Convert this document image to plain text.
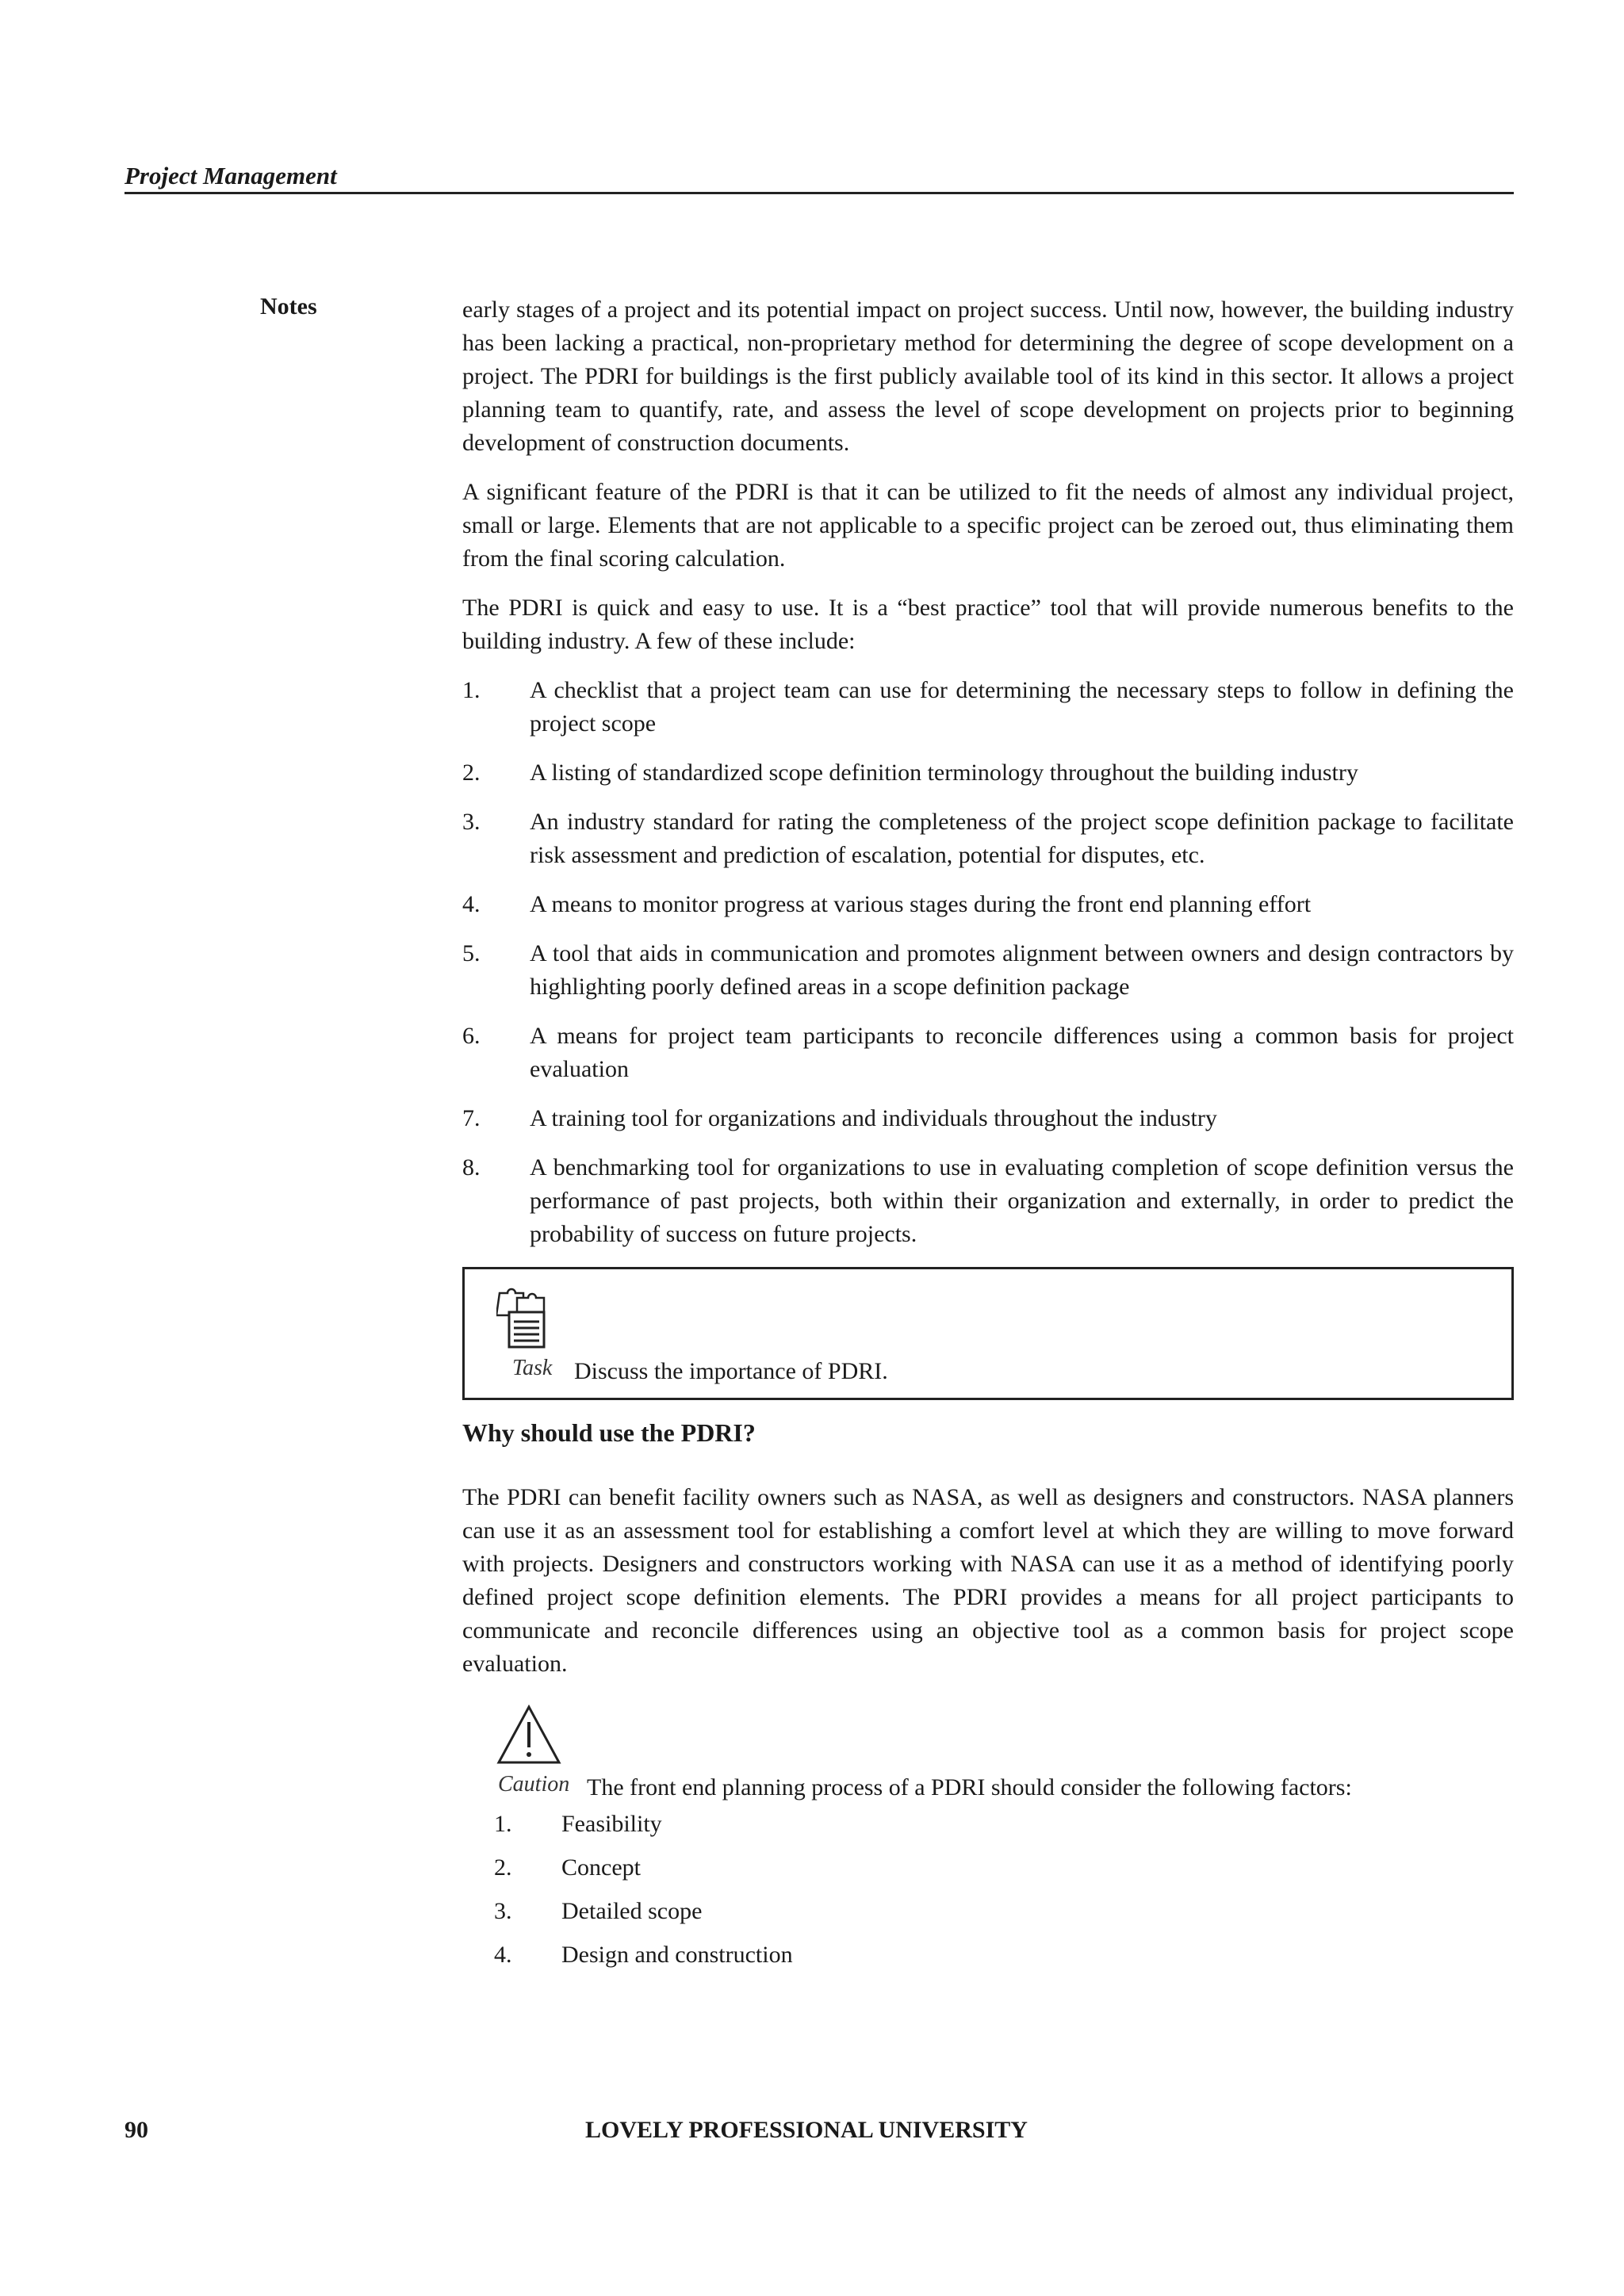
Project Management
Notes	early stages of a project and its potential impact on project success. Until now, however, the building industry has been lacking a practical, non-proprietary method for determining the degree of scope development on a project. The PDRI for buildings is the first publicly available tool of its kind in this sector. It allows a project planning team to quantify, rate, and assess the level of scope development on projects prior to beginning development of construction documents.

A significant feature of the PDRI is that it can be utilized to fit the needs of almost any individual project, small or large. Elements that are not applicable to a specific project can be zeroed out, thus eliminating them from the final scoring calculation.

The PDRI is quick and easy to use. It is a “best practice” tool that will provide numerous benefits to the building industry. A few of these include:

1. A checklist that a project team can use for determining the necessary steps to follow in defining the project scope
2. A listing of standardized scope definition terminology throughout the building industry
3. An industry standard for rating the completeness of the project scope definition package to facilitate risk assessment and prediction of escalation, potential for disputes, etc.
4. A means to monitor progress at various stages during the front end planning effort
5. A tool that aids in communication and promotes alignment between owners and design contractors by highlighting poorly defined areas in a scope definition package
6. A means for project team participants to reconcile differences using a common basis for project evaluation
7. A training tool for organizations and individuals throughout the industry
8. A benchmarking tool for organizations to use in evaluating completion of scope definition versus the performance of past projects, both within their organization and externally, in order to predict the probability of success on future projects.
Task Discuss the importance of PDRI.
Why should use the PDRI?

The PDRI can benefit facility owners such as NASA, as well as designers and constructors. NASA planners can use it as an assessment tool for establishing a comfort level at which they are willing to move forward with projects. Designers and constructors working with NASA can use it as a method of identifying poorly defined project scope definition elements. The PDRI provides a means for all project participants to communicate and reconcile differences using an objective tool as a common basis for project scope evaluation.

Caution The front end planning process of a PDRI should consider the following factors:
1. Feasibility
2. Concept
3. Detailed scope
4. Design and construction
90	LOVELY PROFESSIONAL UNIVERSITY
